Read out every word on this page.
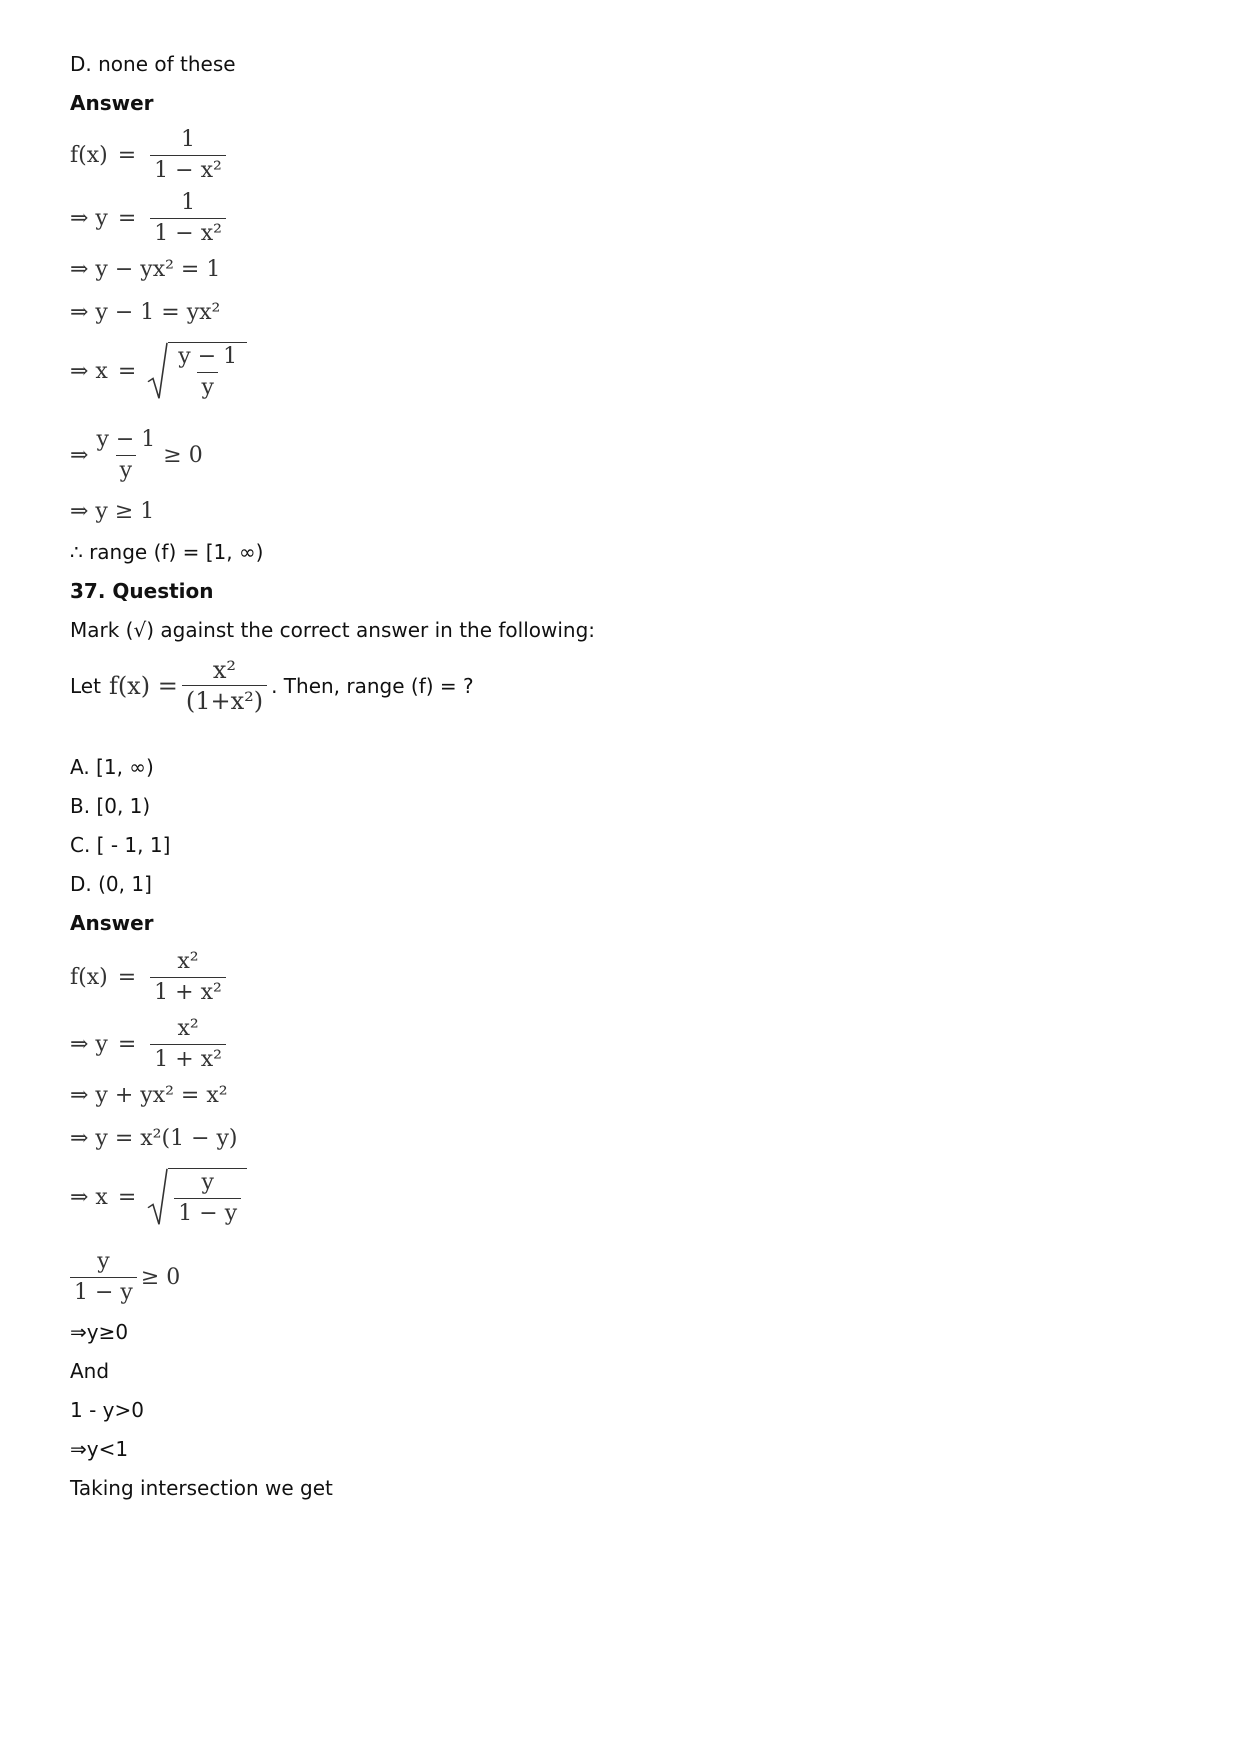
D. none of these
Answer
$f(x) = \frac{1}{\text{1 − x²}}$
⇒ $y = \frac{1}{\text{1 − x²}}$
⇒ y − yx² = 1
⇒ y − 1 = yx²
⇒ $x = \frac{y - 1}{y}$
⇒ $\frac{y - 1}{y} \ge 0$
⇒ y ≥ 1
∴ range (f) = [1, ∞)
37. Question
Mark (√) against the correct answer in the following:
Let $f(x) = \frac{\text{x²}}{\text{(1+x²)}}$ . Then, range (f) = ?
A. [1, ∞)
B. [0, 1)
C. [ - 1, 1]
D. (0, 1]
Answer
$f(x) = \frac{\text{x²}}{\text{1 + x²}}$
⇒ $y = \frac{\text{x²}}{\text{1 + x²}}$
⇒ y + yx² = x²
⇒ y = x²(1 − y)
⇒ $x = \frac{y}{1 - y}$
$\frac{y}{1 - y} \ge 0$
⇒y≥0
And
1 - y>0
⇒y<1
Taking intersection we get
